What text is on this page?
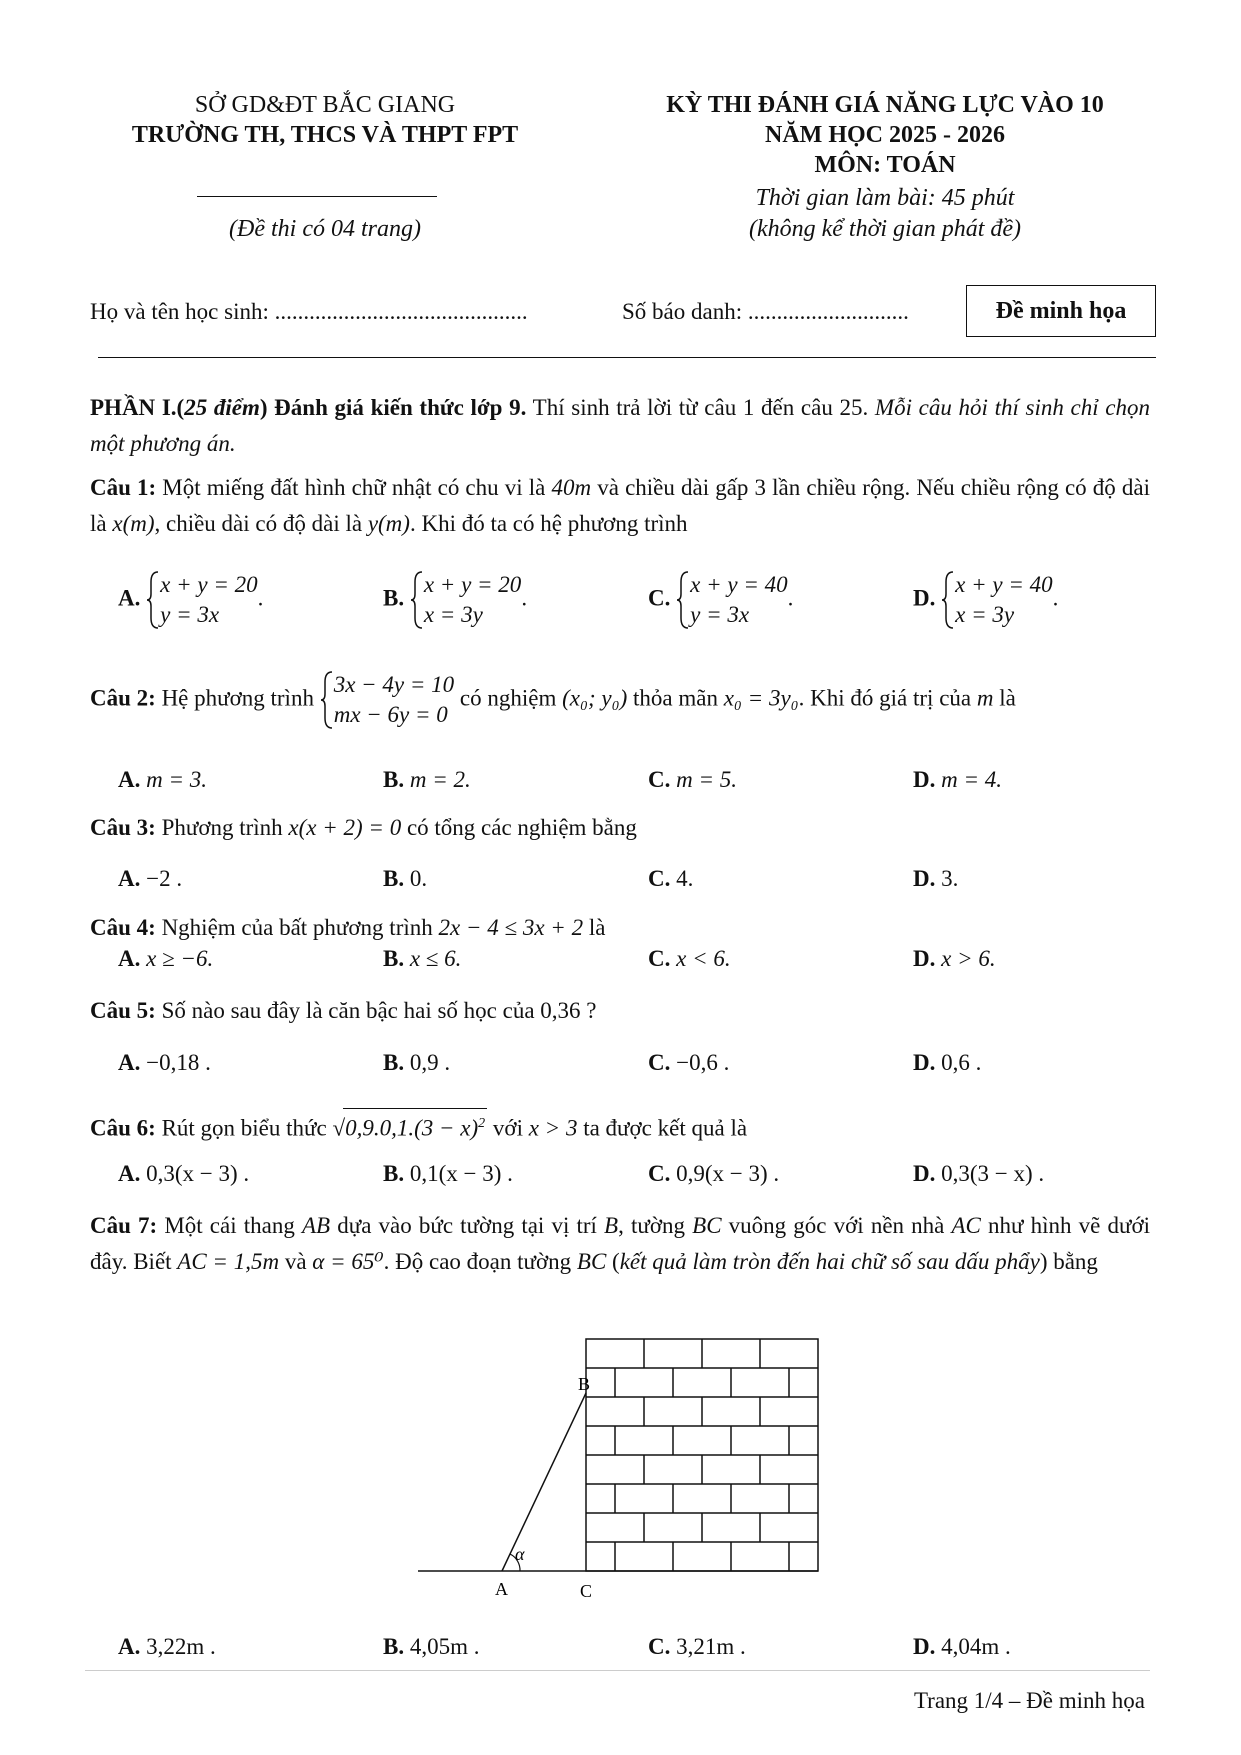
SỞ GD&ĐT BẮC GIANG
TRƯỜNG TH, THCS VÀ THPT FPT
(Đề thi có 04 trang)
KỲ THI ĐÁNH GIÁ NĂNG LỰC VÀO 10
NĂM HỌC 2025 - 2026
MÔN: TOÁN
Thời gian làm bài: 45 phút
(không kể thời gian phát đề)
Họ và tên học sinh: ............................................	Số báo danh: ............................	Đề minh họa
PHẦN I.(25 điểm) Đánh giá kiến thức lớp 9. Thí sinh trả lời từ câu 1 đến câu 25. Mỗi câu hỏi thí sinh chỉ chọn một phương án.
Câu 1: Một miếng đất hình chữ nhật có chu vi là 40m và chiều dài gấp 3 lần chiều rộng. Nếu chiều rộng có độ dài là x(m), chiều dài có độ dài là y(m). Khi đó ta có hệ phương trình
A.
x + y = 20
y = 3x
.	B.
x + y = 20
x = 3y
.	C.
x + y = 40
y = 3x
.	D.
x + y = 40
x = 3y
.
Câu 2: Hệ phương trình
3x − 4y = 10
mx − 6y = 0
có nghiệm (x₀; y₀) thỏa mãn x₀ = 3y₀. Khi đó giá trị của m là
A. m = 3.	B. m = 2.	C. m = 5.	D. m = 4.
Câu 3: Phương trình x(x + 2) = 0 có tổng các nghiệm bằng
A. −2 .	B. 0.	C. 4.	D. 3.
Câu 4: Nghiệm của bất phương trình 2x − 4 ≤ 3x + 2 là
A. x ≥ −6.	B. x ≤ 6.	C. x < 6.	D. x > 6.
Câu 5: Số nào sau đây là căn bậc hai số học của 0,36 ?
A. −0,18 .	B. 0,9 .	C. −0,6 .	D. 0,6 .
Câu 6: Rút gọn biểu thức $√0,9.0,1.(3 - x)^2$ với x > 3 ta được kết quả là
A. 0,3(x − 3) .	B. 0,1(x − 3) .	C. 0,9(x − 3) .	D. 0,3(3 − x) .
Câu 7: Một cái thang AB dựa vào bức tường tại vị trí B, tường BC vuông góc với nền nhà AC như hình vẽ dưới đây. Biết AC = 1,5m và α = 65⁰. Độ cao đoạn tường BC (kết quả làm tròn đến hai chữ số sau dấu phẩy) bằng
B
α
A	C
A. 3,22m .	B. 4,05m .	C. 3,21m .	D. 4,04m .
Trang 1/4 – Đề minh họa
